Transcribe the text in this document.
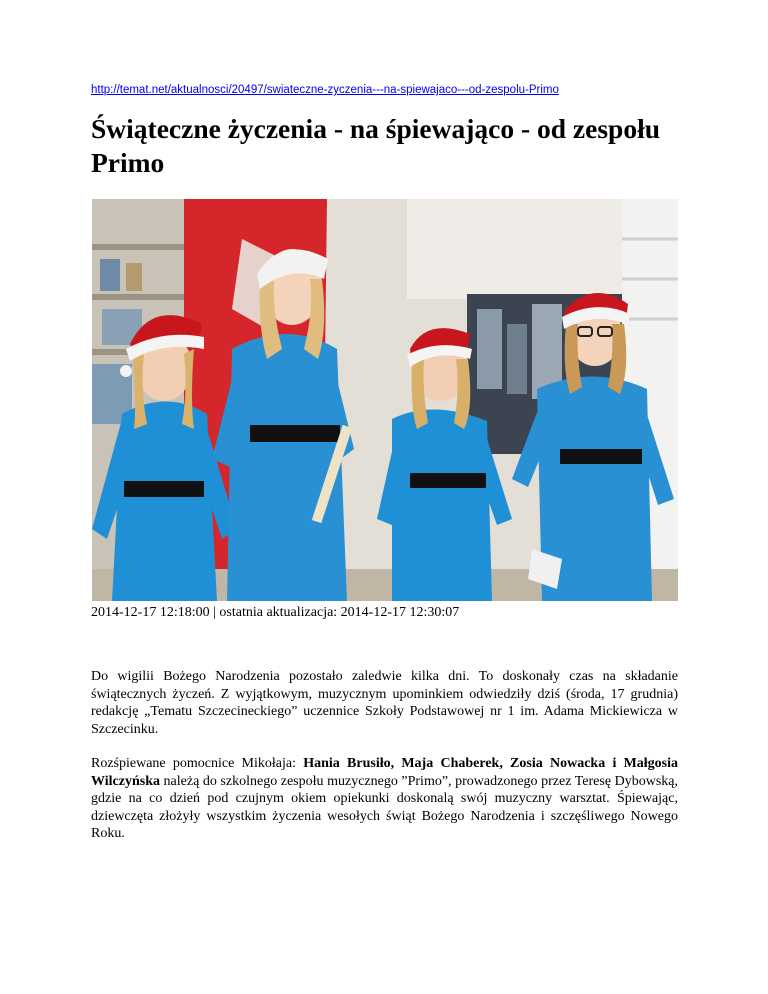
http://temat.net/aktualnosci/20497/swiateczne-zyczenia---na-spiewajaco---od-zespolu-Primo
Świąteczne życzenia - na śpiewająco - od zespołu Primo
2014-12-17 12:18:00 | ostatnia aktualizacja: 2014-12-17 12:30:07

Do wigilii Bożego Narodzenia pozostało zaledwie kilka dni. To doskonały czas na składanie świątecznych życzeń. Z wyjątkowym, muzycznym upominkiem odwiedziły dziś (środa, 17 grudnia) redakcję „Tematu Szczecineckiego” uczennice Szkoły Podstawowej nr 1 im. Adama Mickiewicza w Szczecinku.

Rozśpiewane pomocnice Mikołaja: Hania Brusiło, Maja Chaberek, Zosia Nowacka i Małgosia Wilczyńska należą do szkolnego zespołu muzycznego ”Primo”, prowadzonego przez Teresę Dybowską, gdzie na co dzień pod czujnym okiem opiekunki doskonalą swój muzyczny warsztat. Śpiewając, dziewczęta złożyły wszystkim życzenia wesołych świąt Bożego Narodzenia i szczęśliwego Nowego Roku.
